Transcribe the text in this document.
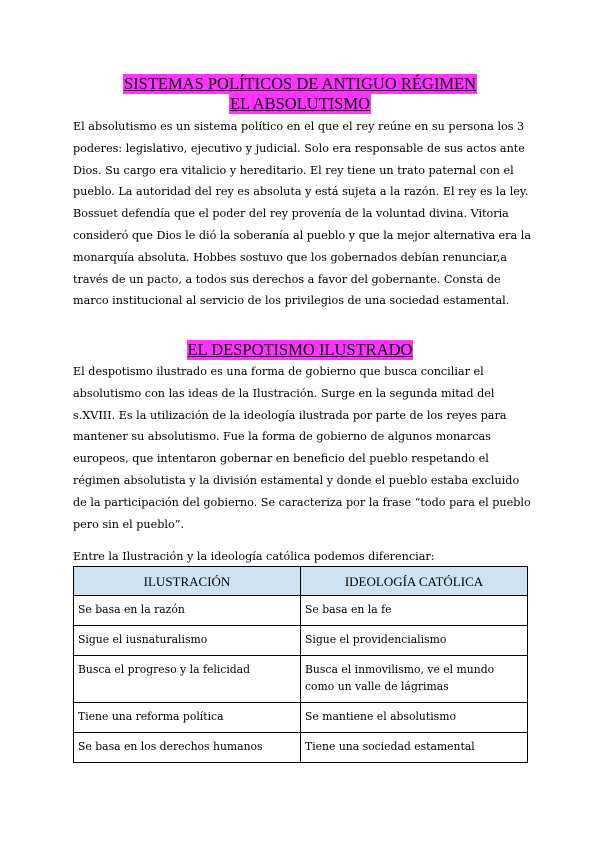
SISTEMAS POLÍTICOS DE ANTIGUO RÉGIMEN
EL ABSOLUTISMO

El absolutismo es un sistema político en el que el rey reúne en su persona los 3 poderes: legislativo, ejecutivo y judicial. Solo era responsable de sus actos ante Dios. Su cargo era vitalicio y hereditario. El rey tiene un trato paternal con el pueblo. La autoridad del rey es absoluta y está sujeta a la razón. El rey es la ley. Bossuet defendía que el poder del rey provenía de la voluntad divina. Vitoria consideró que Dios le dió la soberanía al pueblo y que la mejor alternativa era la monarquía absoluta. Hobbes sostuvo que los gobernados debían renunciar,a través de un pacto, a todos sus derechos a favor del gobernante. Consta de marco institucional al servicio de los privilegios de una sociedad estamental.

EL DESPOTISMO ILUSTRADO

El despotismo ilustrado es una forma de gobierno que busca conciliar el absolutismo con las ideas de la Ilustración. Surge en la segunda mitad del s.XVIII. Es la utilización de la ideología ilustrada por parte de los reyes para mantener su absolutismo. Fue la forma de gobierno de algunos monarcas europeos, que intentaron gobernar en beneficio del pueblo respetando el régimen absolutista y la división estamental y donde el pueblo estaba excluido de la participación del gobierno. Se caracteriza por la frase “todo para el pueblo pero sin el pueblo”.

Entre la Ilustración y la ideología católica podemos diferenciar:

ILUSTRACIÓN	IDEOLOGÍA CATÓLICA
Se basa en la razón	Se basa en la fe
Sigue el iusnaturalismo	Sigue el providencialismo
Busca el progreso y la felicidad	Busca el inmovilismo, ve el mundo como un valle de lágrimas
Tiene una reforma política	Se mantiene el absolutismo
Se basa en los derechos humanos	Tiene una sociedad estamental
